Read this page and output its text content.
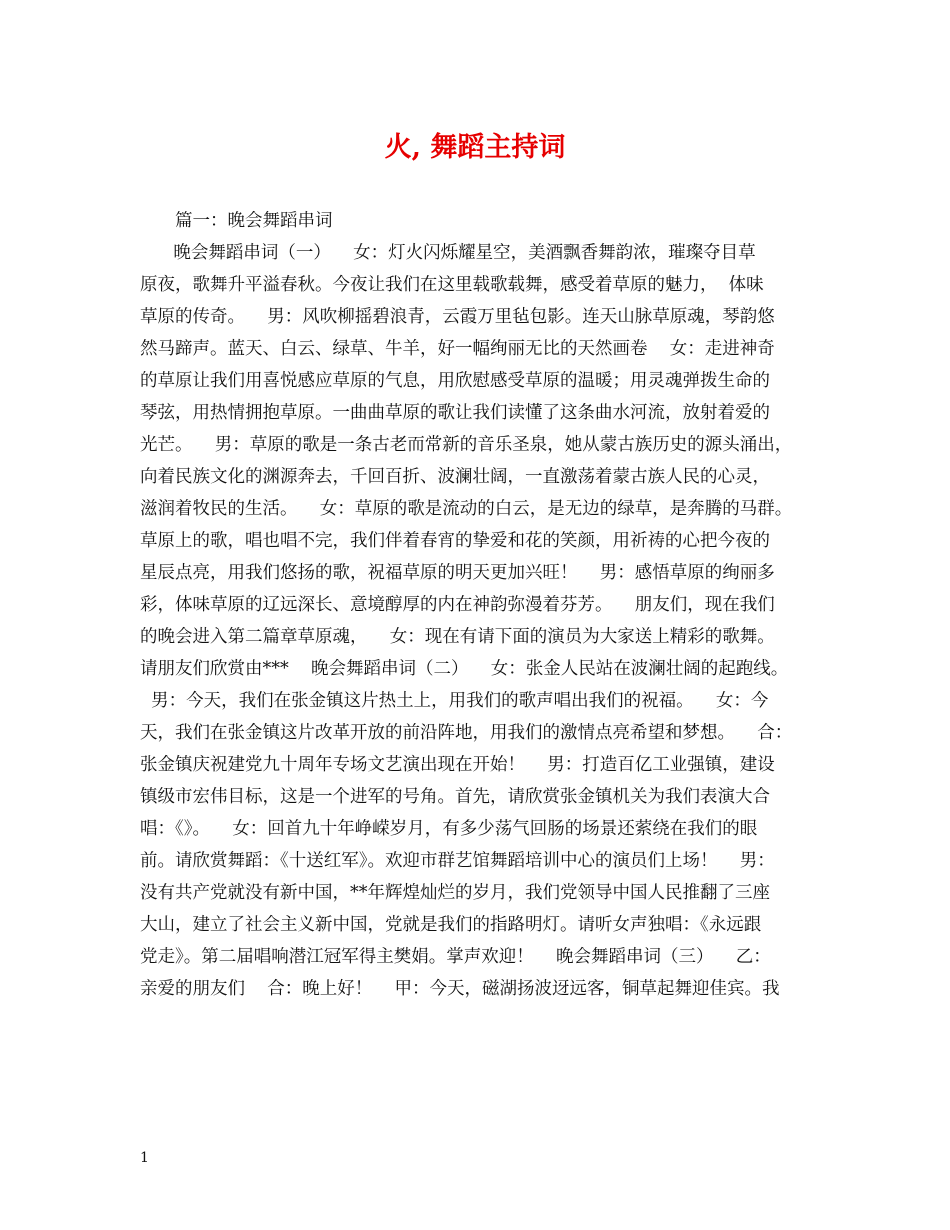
火, 舞蹈主持词

篇一：晚会舞蹈串词

晚会舞蹈串词（一）    女：灯火闪烁耀星空，美酒飘香舞韵浓，璀璨夺目草

原夜，歌舞升平溢春秋。今夜让我们在这里载歌载舞，感受着草原的魅力，  体味

草原的传奇。    男：风吹柳摇碧浪青，云霞万里毡包影。连天山脉草原魂，琴韵悠

然马蹄声。蓝天、白云、绿草、牛羊，好一幅绚丽无比的天然画卷    女：走进神奇

的草原让我们用喜悦感应草原的气息，用欣慰感受草原的温暖；用灵魂弹拨生命的

琴弦，用热情拥抱草原。一曲曲草原的歌让我们读懂了这条曲水河流，放射着爱的

光芒。    男：草原的歌是一条古老而常新的音乐圣泉，她从蒙古族历史的源头涌出，

向着民族文化的渊源奔去，千回百折、波澜壮阔，一直激荡着蒙古族人民的心灵，

滋润着牧民的生活。    女：草原的歌是流动的白云，是无边的绿草，是奔腾的马群。

草原上的歌，唱也唱不完，我们伴着春宵的挚爱和花的笑颜，用祈祷的心把今夜的

星辰点亮，用我们悠扬的歌，祝福草原的明天更加兴旺！    男：感悟草原的绚丽多

彩，体味草原的辽远深长、意境醇厚的内在神韵弥漫着芬芳。    朋友们，现在我们

的晚会进入第二篇章草原魂，    女：现在有请下面的演员为大家送上精彩的歌舞。

请朋友们欣赏由***    晚会舞蹈串词（二）    女：张金人民站在波澜壮阔的起跑线。

男：今天，我们在张金镇这片热土上，用我们的歌声唱出我们的祝福。    女：今

天，我们在张金镇这片改革开放的前沿阵地，用我们的激情点亮希望和梦想。    合：

张金镇庆祝建党九十周年专场文艺演出现在开始！    男：打造百亿工业强镇，建设

镇级市宏伟目标，这是一个进军的号角。首先，请欣赏张金镇机关为我们表演大合

唱：《》。    女：回首九十年峥嵘岁月，有多少荡气回肠的场景还萦绕在我们的眼

前。请欣赏舞蹈：《十送红军》。欢迎市群艺馆舞蹈培训中心的演员们上场！    男：

没有共产党就没有新中国，**年辉煌灿烂的岁月，我们党领导中国人民推翻了三座

大山，建立了社会主义新中国，党就是我们的指路明灯。请听女声独唱：《永远跟

党走》。第二届唱响潜江冠军得主樊娟。掌声欢迎！    晚会舞蹈串词（三）    乙：

亲爱的朋友们    合：晚上好！    甲：今天，磁湖扬波迓远客，铜草起舞迎佳宾。我

1
